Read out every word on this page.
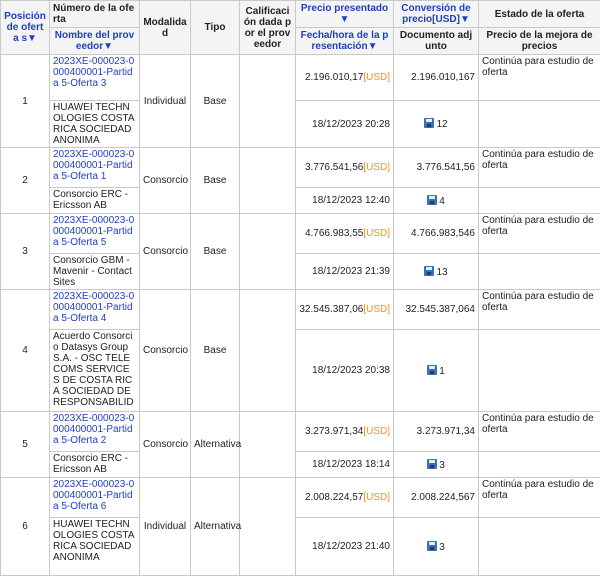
Posición de oferta s▼	Número de la oferta	Modalidad	Tipo	Calificación dada por el proveedor	Precio presentado▼	Conversión de precio[USD]▼	Estado de la oferta
	Nombre del proveedor▼				Fecha/hora de la presentación▼	Documento adjunto	Precio de la mejora de precios
1	2023XE-000023-0000400001-Partida 5-Oferta 3	Individual	Base		2.196.010,17[USD]	2.196.010,167	Continúa para estudio de oferta
	HUAWEI TECHNOLOGIES COSTA RICA SOCIEDAD ANONIMA				18/12/2023 20:28	12	
2	2023XE-000023-0000400001-Partida 5-Oferta 1	Consorcio	Base		3.776.541,56[USD]	3.776.541,56	Continúa para estudio de oferta
	Consorcio ERC - Ericsson AB				18/12/2023 12:40	4	
3	2023XE-000023-0000400001-Partida 5-Oferta 5	Consorcio	Base		4.766.983,55[USD]	4.766.983,546	Continúa para estudio de oferta
	Consorcio GBM - Mavenir - Contact Sites				18/12/2023 21:39	13	
4	2023XE-000023-0000400001-Partida 5-Oferta 4	Consorcio	Base		32.545.387,06[USD]	32.545.387,064	Continúa para estudio de oferta
	Acuerdo Consorcio Datasys Group S.A. - OSC TELECOMS SERVICES DE COSTA RICA SOCIEDAD DE RESPONSABILID				18/12/2023 20:38	1	
5	2023XE-000023-0000400001-Partida 5-Oferta 2	Consorcio	Alternativa		3.273.971,34[USD]	3.273.971,34	Continúa para estudio de oferta
	Consorcio ERC - Ericsson AB				18/12/2023 18:14	3	
6	2023XE-000023-0000400001-Partida 5-Oferta 6	Individual	Alternativa		2.008.224,57[USD]	2.008.224,567	Continúa para estudio de oferta
	HUAWEI TECHNOLOGIES COSTA RICA SOCIEDAD ANONIMA				18/12/2023 21:40	3	
